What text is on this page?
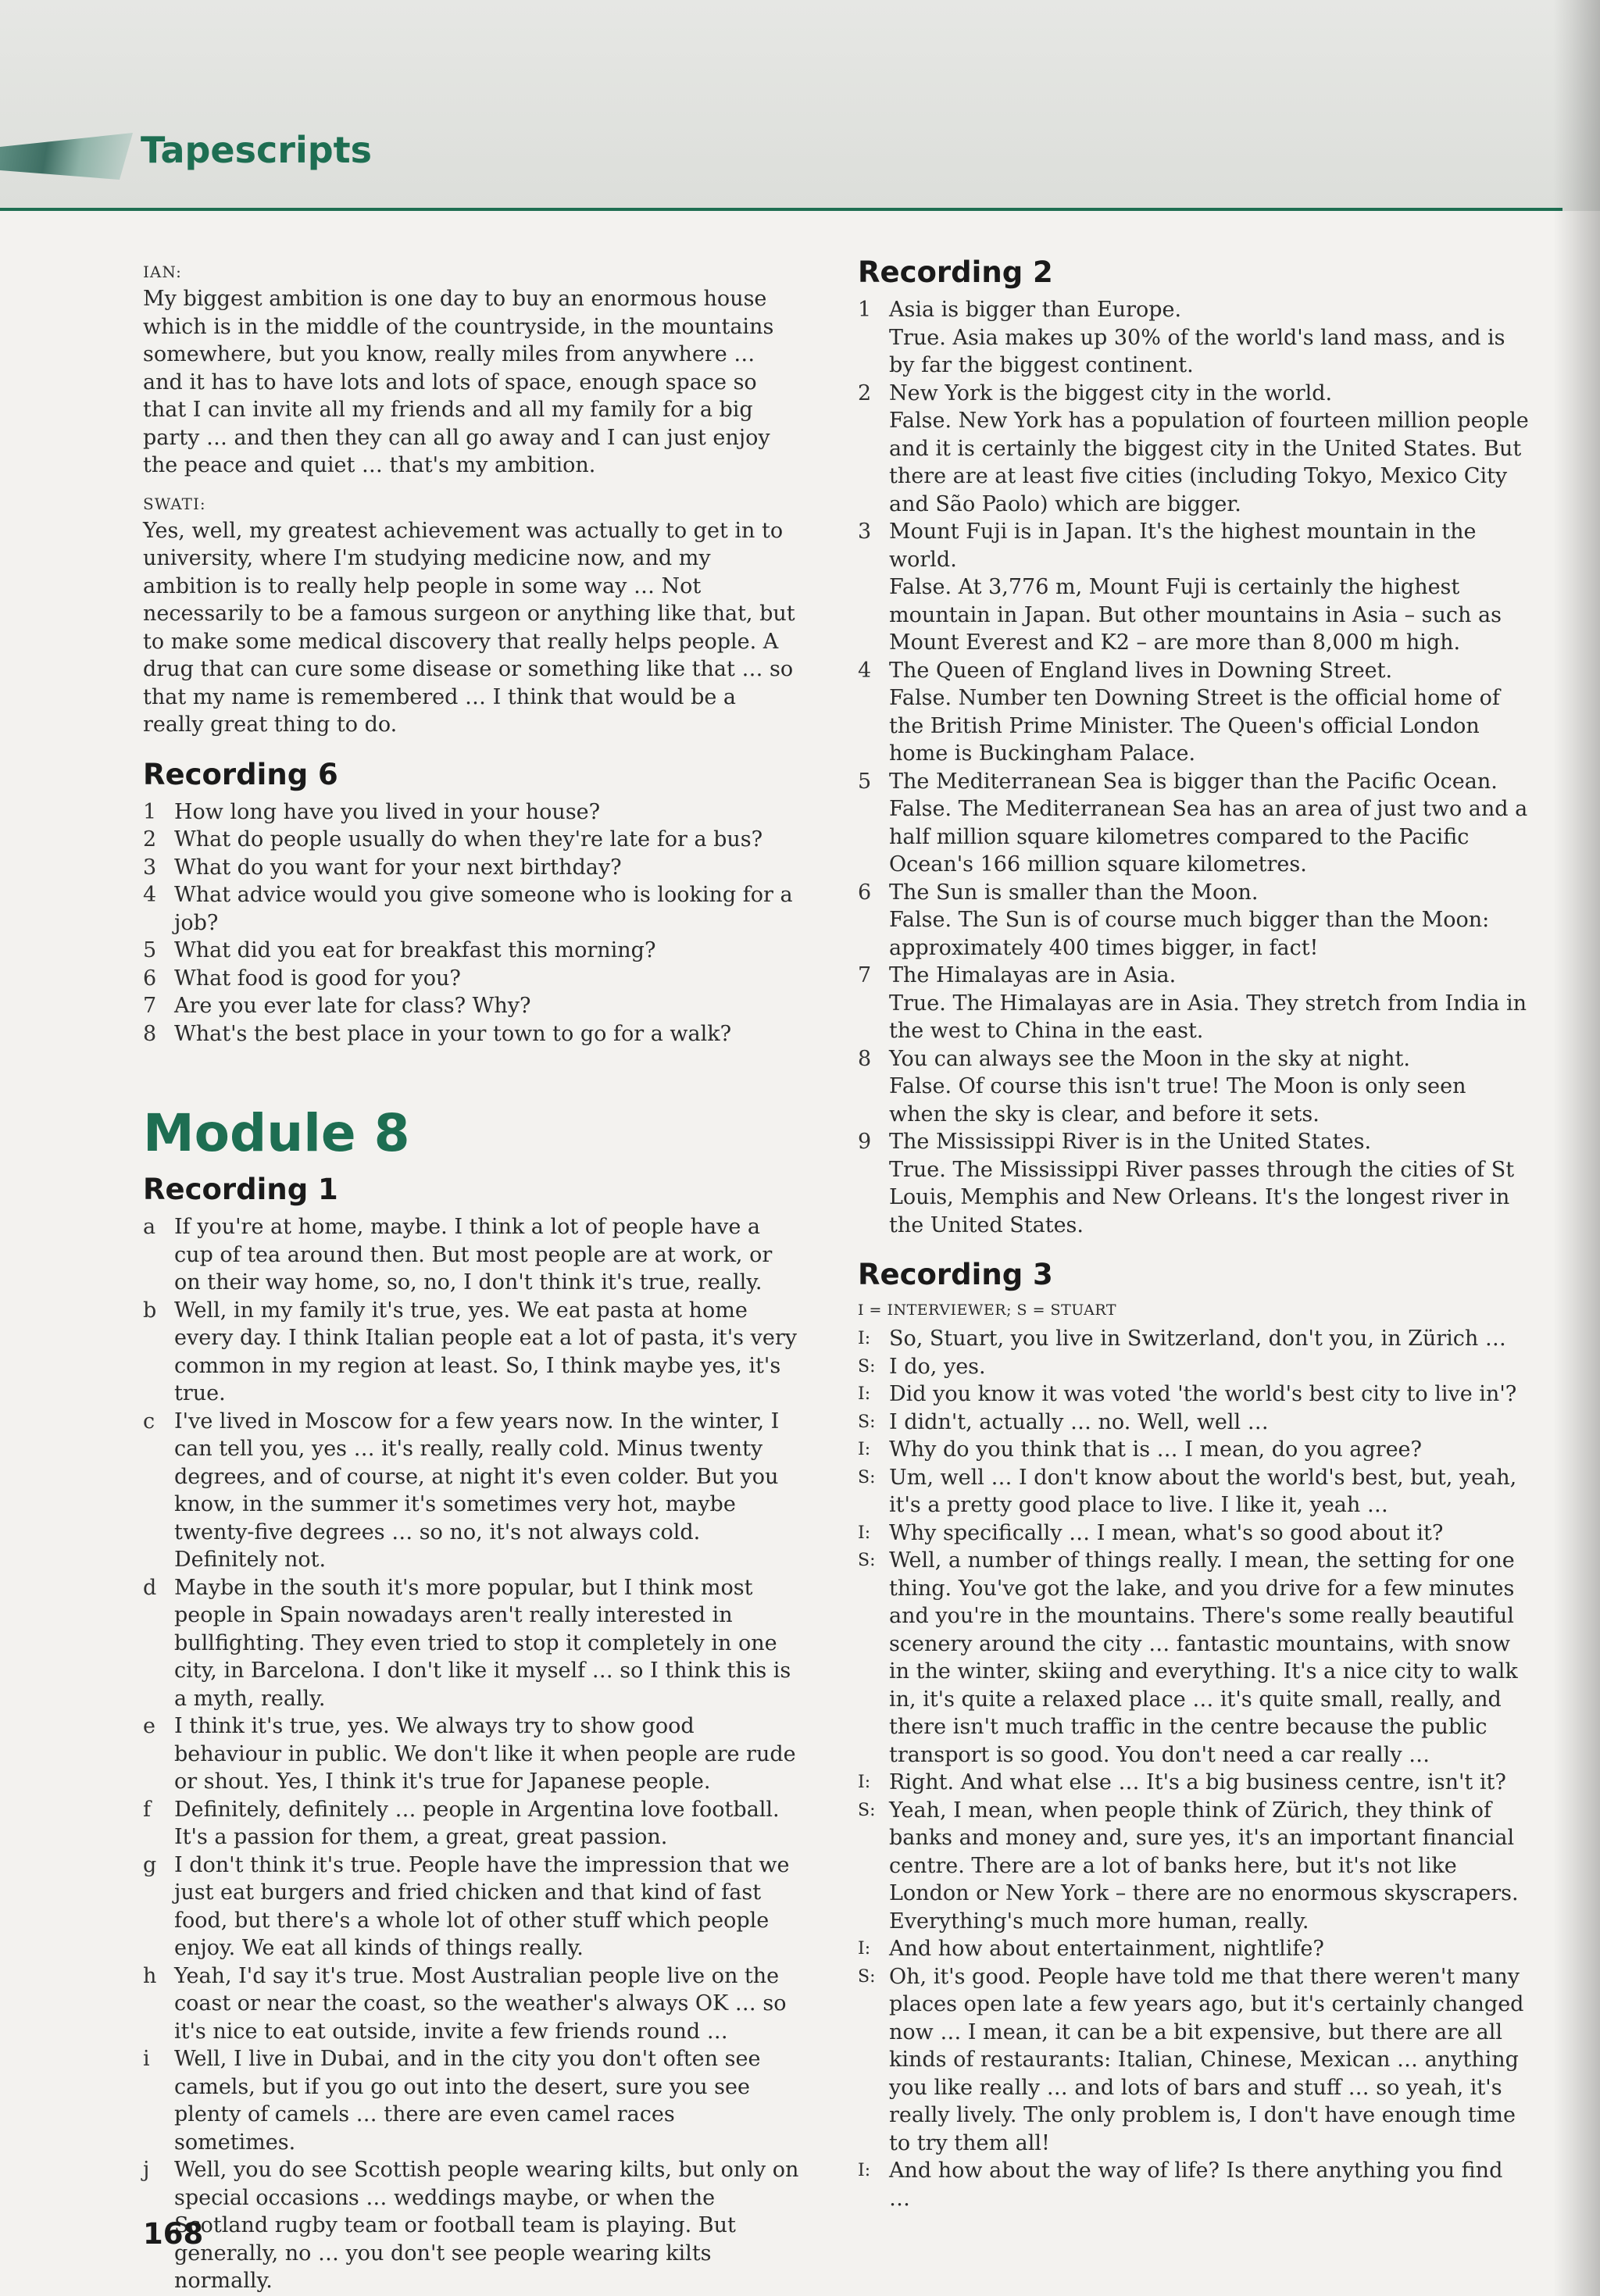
Tapescripts
IAN:

My biggest ambition is one day to buy an enormous house which is in the middle of the countryside, in the mountains somewhere, but you know, really miles from anywhere … and it has to have lots and lots of space, enough space so that I can invite all my friends and all my family for a big party … and then they can all go away and I can just enjoy the peace and quiet … that's my ambition.

SWATI:

Yes, well, my greatest achievement was actually to get in to university, where I'm studying medicine now, and my ambition is to really help people in some way … Not necessarily to be a famous surgeon or anything like that, but to make some medical discovery that really helps people. A drug that can cure some disease or something like that … so that my name is remembered … I think that would be a really great thing to do.

Recording 6
1 How long have you lived in your house?
2 What do people usually do when they're late for a bus?
3 What do you want for your next birthday?
4 What advice would you give someone who is looking for a job?
5 What did you eat for breakfast this morning?
6 What food is good for you?
7 Are you ever late for class? Why?
8 What's the best place in your town to go for a walk?
Module 8
Recording 1
a If you're at home, maybe. I think a lot of people have a cup of tea around then. But most people are at work, or on their way home, so, no, I don't think it's true, really.
b Well, in my family it's true, yes. We eat pasta at home every day. I think Italian people eat a lot of pasta, it's very common in my region at least. So, I think maybe yes, it's true.
c I've lived in Moscow for a few years now. In the winter, I can tell you, yes … it's really, really cold. Minus twenty degrees, and of course, at night it's even colder. But you know, in the summer it's sometimes very hot, maybe twenty-five degrees … so no, it's not always cold. Definitely not.
d Maybe in the south it's more popular, but I think most people in Spain nowadays aren't really interested in bullfighting. They even tried to stop it completely in one city, in Barcelona. I don't like it myself … so I think this is a myth, really.
e I think it's true, yes. We always try to show good behaviour in public. We don't like it when people are rude or shout. Yes, I think it's true for Japanese people.
f	Definitely, definitely … people in Argentina love football. It's a passion for them, a great, great passion.
g I don't think it's true. People have the impression that we just eat burgers and fried chicken and that kind of fast food, but there's a whole lot of other stuff which people enjoy. We eat all kinds of things really.
h Yeah, I'd say it's true. Most Australian people live on the coast or near the coast, so the weather's always OK … so it's nice to eat outside, invite a few friends round …
i	Well, I live in Dubai, and in the city you don't often see camels, but if you go out into the desert, sure you see plenty of camels … there are even camel races sometimes.
j	Well, you do see Scottish people wearing kilts, but only on special occasions … weddings maybe, or when the Scotland rugby team or football team is playing. But generally, no … you don't see people wearing kilts normally.
Recording 2
1 Asia is bigger than Europe.
True. Asia makes up 30% of the world's land mass, and is by far the biggest continent.
2 New York is the biggest city in the world.
False. New York has a population of fourteen million people and it is certainly the biggest city in the United States. But there are at least five cities (including Tokyo, Mexico City and São Paolo) which are bigger.
3 Mount Fuji is in Japan. It's the highest mountain in the world.
False. At 3,776 m, Mount Fuji is certainly the highest mountain in Japan. But other mountains in Asia – such as Mount Everest and K2 – are more than 8,000 m high.
4 The Queen of England lives in Downing Street.
False. Number ten Downing Street is the official home of the British Prime Minister. The Queen's official London home is Buckingham Palace.
5 The Mediterranean Sea is bigger than the Pacific Ocean.
False. The Mediterranean Sea has an area of just two and a half million square kilometres compared to the Pacific Ocean's 166 million square kilometres.
6 The Sun is smaller than the Moon.
False. The Sun is of course much bigger than the Moon: approximately 400 times bigger, in fact!
7 The Himalayas are in Asia.
True. The Himalayas are in Asia. They stretch from India in the west to China in the east.
8 You can always see the Moon in the sky at night.
False. Of course this isn't true! The Moon is only seen when the sky is clear, and before it sets.
9 The Mississippi River is in the United States.
True. The Mississippi River passes through the cities of St Louis, Memphis and New Orleans. It's the longest river in the United States.
Recording 3
I = INTERVIEWER; S = STUART
I: So, Stuart, you live in Switzerland, don't you, in Zürich …
S: I do, yes.
I: Did you know it was voted 'the world's best city to live in'?
S: I didn't, actually … no. Well, well …
I: Why do you think that is … I mean, do you agree?
S: Um, well … I don't know about the world's best, but, yeah, it's a pretty good place to live. I like it, yeah …
I: Why specifically … I mean, what's so good about it?
S: Well, a number of things really. I mean, the setting for one thing. You've got the lake, and you drive for a few minutes and you're in the mountains. There's some really beautiful scenery around the city … fantastic mountains, with snow in the winter, skiing and everything. It's a nice city to walk in, it's quite a relaxed place … it's quite small, really, and there isn't much traffic in the centre because the public transport is so good. You don't need a car really …
I: Right. And what else … It's a big business centre, isn't it?
S: Yeah, I mean, when people think of Zürich, they think of banks and money and, sure yes, it's an important financial centre. There are a lot of banks here, but it's not like London or New York – there are no enormous skyscrapers. Everything's much more human, really.
I: And how about entertainment, nightlife?
S: Oh, it's good. People have told me that there weren't many places open late a few years ago, but it's certainly changed now … I mean, it can be a bit expensive, but there are all kinds of restaurants: Italian, Chinese, Mexican … anything you like really … and lots of bars and stuff … so yeah, it's really lively. The only problem is, I don't have enough time to try them all!
I: And how about the way of life? Is there anything you find …
168
